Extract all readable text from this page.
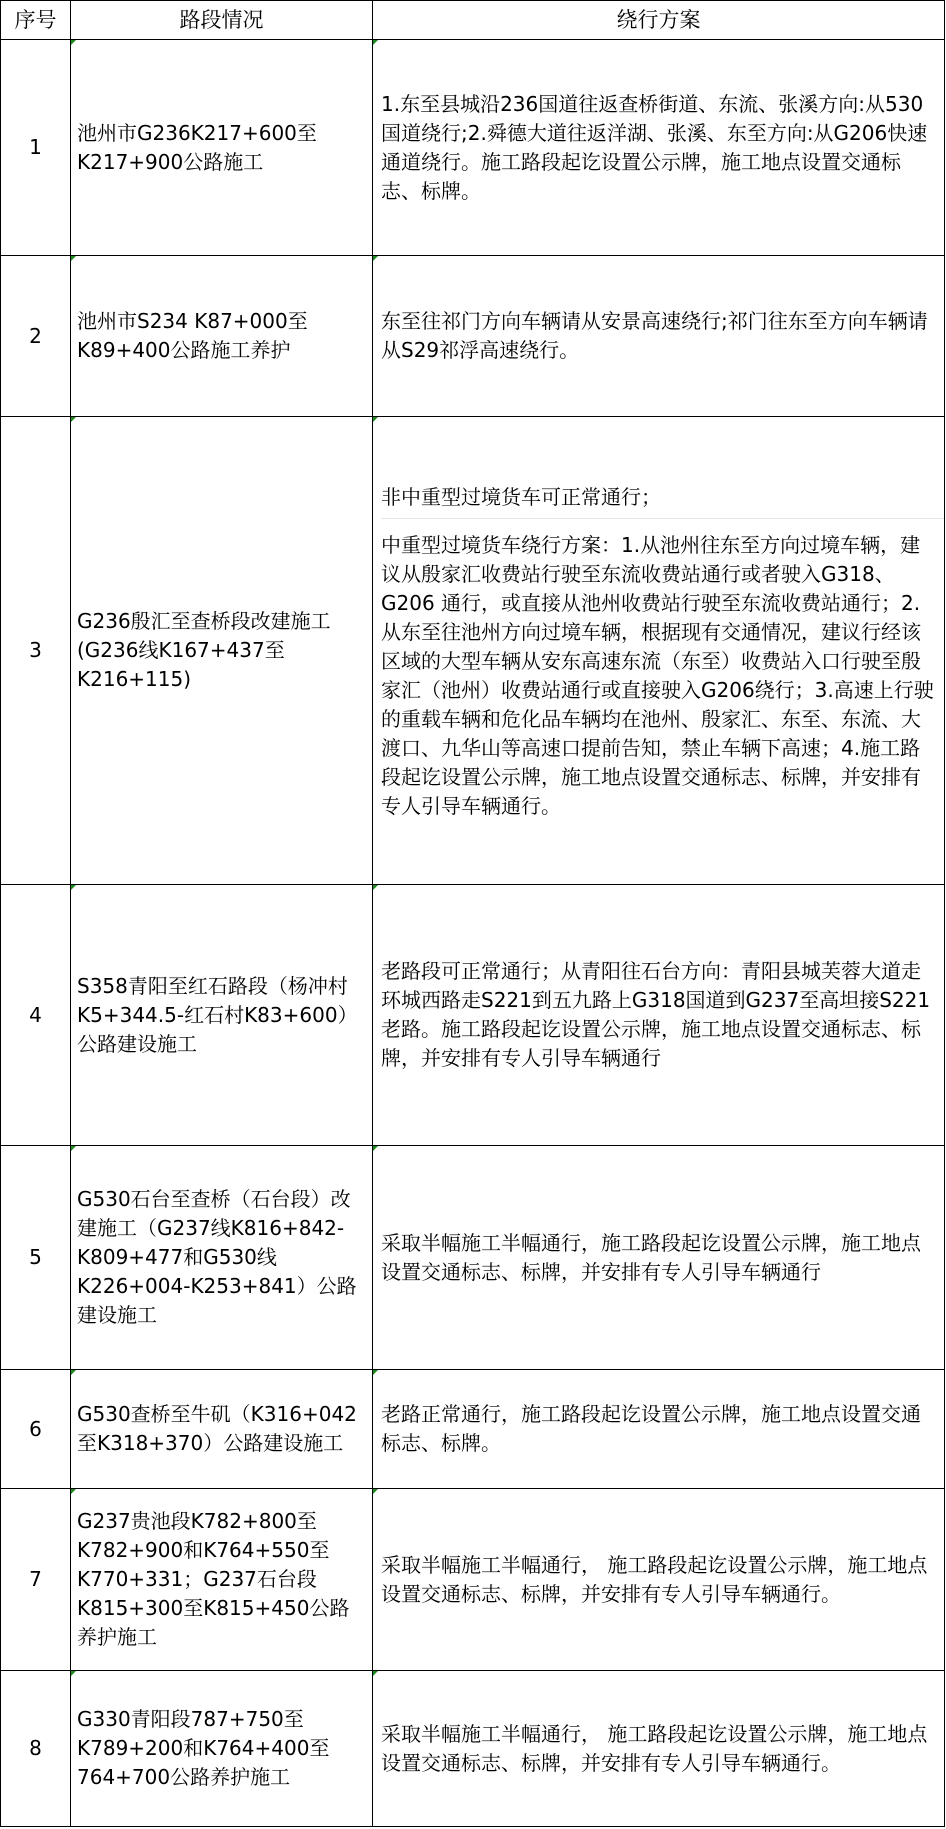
序号	路段情况	绕行方案
1	池州市G236K217+600至K217+900公路施工	1.东至县城沿236国道往返查桥街道、东流、张溪方向:从530国道绕行;2.舜德大道往返洋湖、张溪、东至方向:从G206快速通道绕行。施工路段起讫设置公示牌，施工地点设置交通标志、标牌。
2	池州市S234 K87+000至K89+400公路施工养护	东至往祁门方向车辆请从安景高速绕行;祁门往东至方向车辆请从S29祁浮高速绕行。
3	G236殷汇至查桥段改建施工(G236线K167+437至K216+115)	非中重型过境货车可正常通行；
中重型过境货车绕行方案：1.从池州往东至方向过境车辆，建议从殷家汇收费站行驶至东流收费站通行或者驶入G318、G206 通行，或直接从池州收费站行驶至东流收费站通行；2.从东至往池州方向过境车辆，根据现有交通情况，建议行经该区域的大型车辆从安东高速东流（东至）收费站入口行驶至殷家汇（池州）收费站通行或直接驶入G206绕行；3.高速上行驶的重载车辆和危化品车辆均在池州、殷家汇、东至、东流、大渡口、九华山等高速口提前告知，禁止车辆下高速；4.施工路段起讫设置公示牌，施工地点设置交通标志、标牌，并安排有专人引导车辆通行。

4	S358青阳至红石路段（杨冲村K5+344.5-红石村K83+600）公路建设施工	老路段可正常通行；从青阳往石台方向：青阳县城芙蓉大道走环城西路走S221到五九路上G318国道到G237至高坦接S221老路。施工路段起讫设置公示牌，施工地点设置交通标志、标牌，并安排有专人引导车辆通行
5	G530石台至查桥（石台段）改建施工（G237线K816+842-K809+477和G530线K226+004-K253+841）公路建设施工	采取半幅施工半幅通行，施工路段起讫设置公示牌，施工地点设置交通标志、标牌，并安排有专人引导车辆通行
6	G530查桥至牛矶（K316+042至K318+370）公路建设施工	老路正常通行，施工路段起讫设置公示牌，施工地点设置交通标志、标牌。
7	G237贵池段K782+800至K782+900和K764+550至K770+331；G237石台段K815+300至K815+450公路养护施工	采取半幅施工半幅通行， 施工路段起讫设置公示牌，施工地点设置交通标志、标牌，并安排有专人引导车辆通行。
8	G330青阳段787+750至K789+200和K764+400至764+700公路养护施工	采取半幅施工半幅通行， 施工路段起讫设置公示牌，施工地点设置交通标志、标牌，并安排有专人引导车辆通行。
